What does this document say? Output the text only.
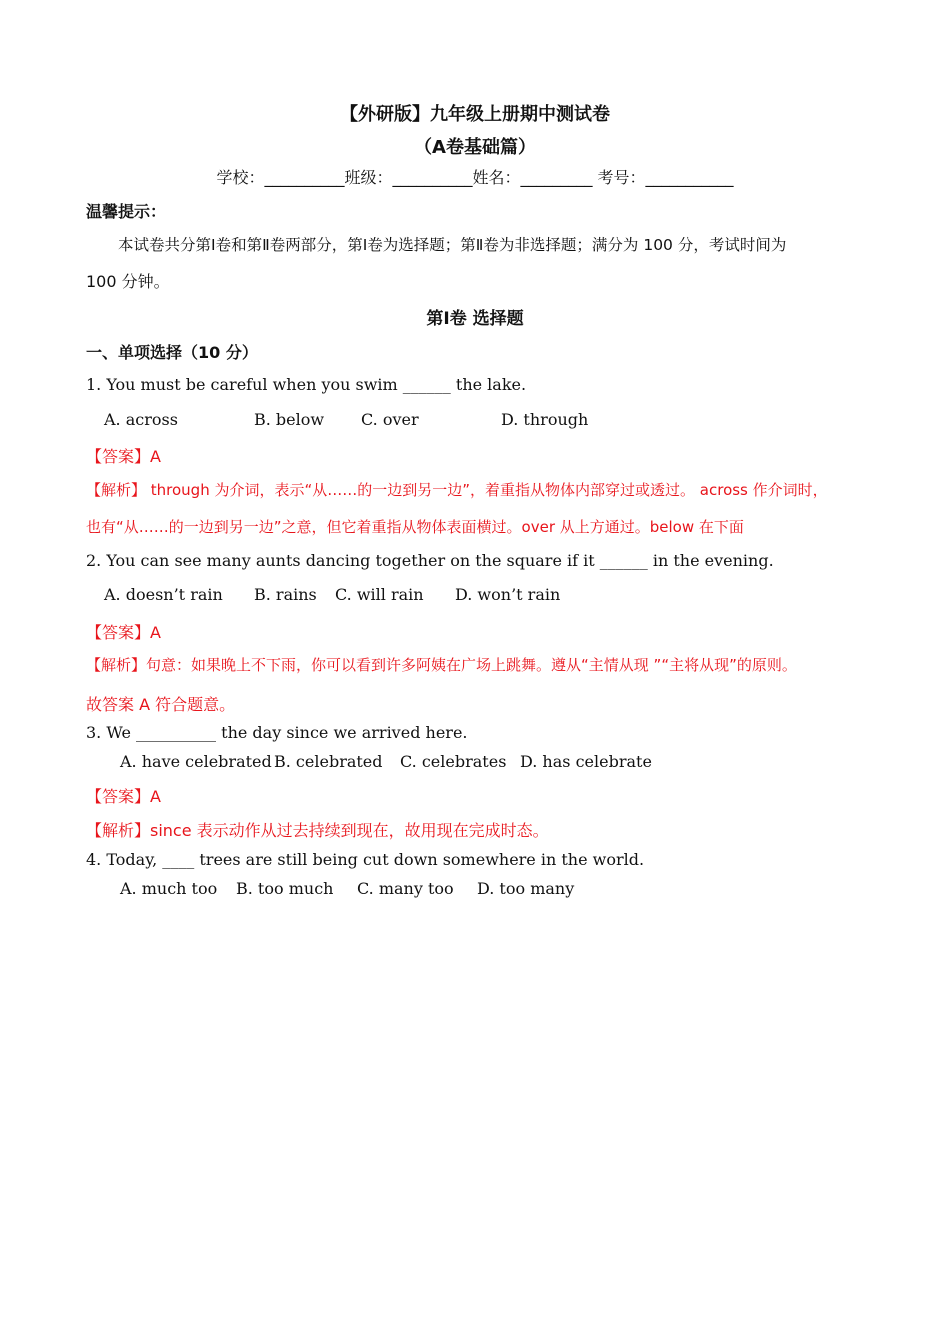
【外研版】九年级上册期中测试卷
（A卷基础篇）
学校：__________班级：__________姓名：_________ 考号：___________
温馨提示：
本试卷共分第Ⅰ卷和第Ⅱ卷两部分，第Ⅰ卷为选择题；第Ⅱ卷为非选择题；满分为 100 分，考试时间为
100 分钟。
第Ⅰ卷 选择题
一、单项选择（10 分）
1. You must be careful when you swim ______ the lake.
A. across	B. below C. over	D. through
【答案】A
【解析】 through 为介词，表示“从……的一边到另一边”，着重指从物体内部穿过或透过。 across 作介词时，
也有“从……的一边到另一边”之意，但它着重指从物体表面横过。over 从上方通过。below 在下面
2. You can see many aunts dancing together on the square if it ______ in the evening.
A. doesn’t rain B. rains C. will rain D. won’t rain
【答案】A
【解析】句意：如果晚上不下雨，你可以看到许多阿姨在广场上跳舞。遵从“主情从现 ”“主将从现”的原则。
故答案 A 符合题意。
3. We __________ the day since we arrived here.
A. have celebrated B. celebrated C. celebrates D. has celebrate
【答案】A
【解析】since 表示动作从过去持续到现在，故用现在完成时态。
4. Today, ____ trees are still being cut down somewhere in the world.
A. much too B. too much C. many too D. too many
